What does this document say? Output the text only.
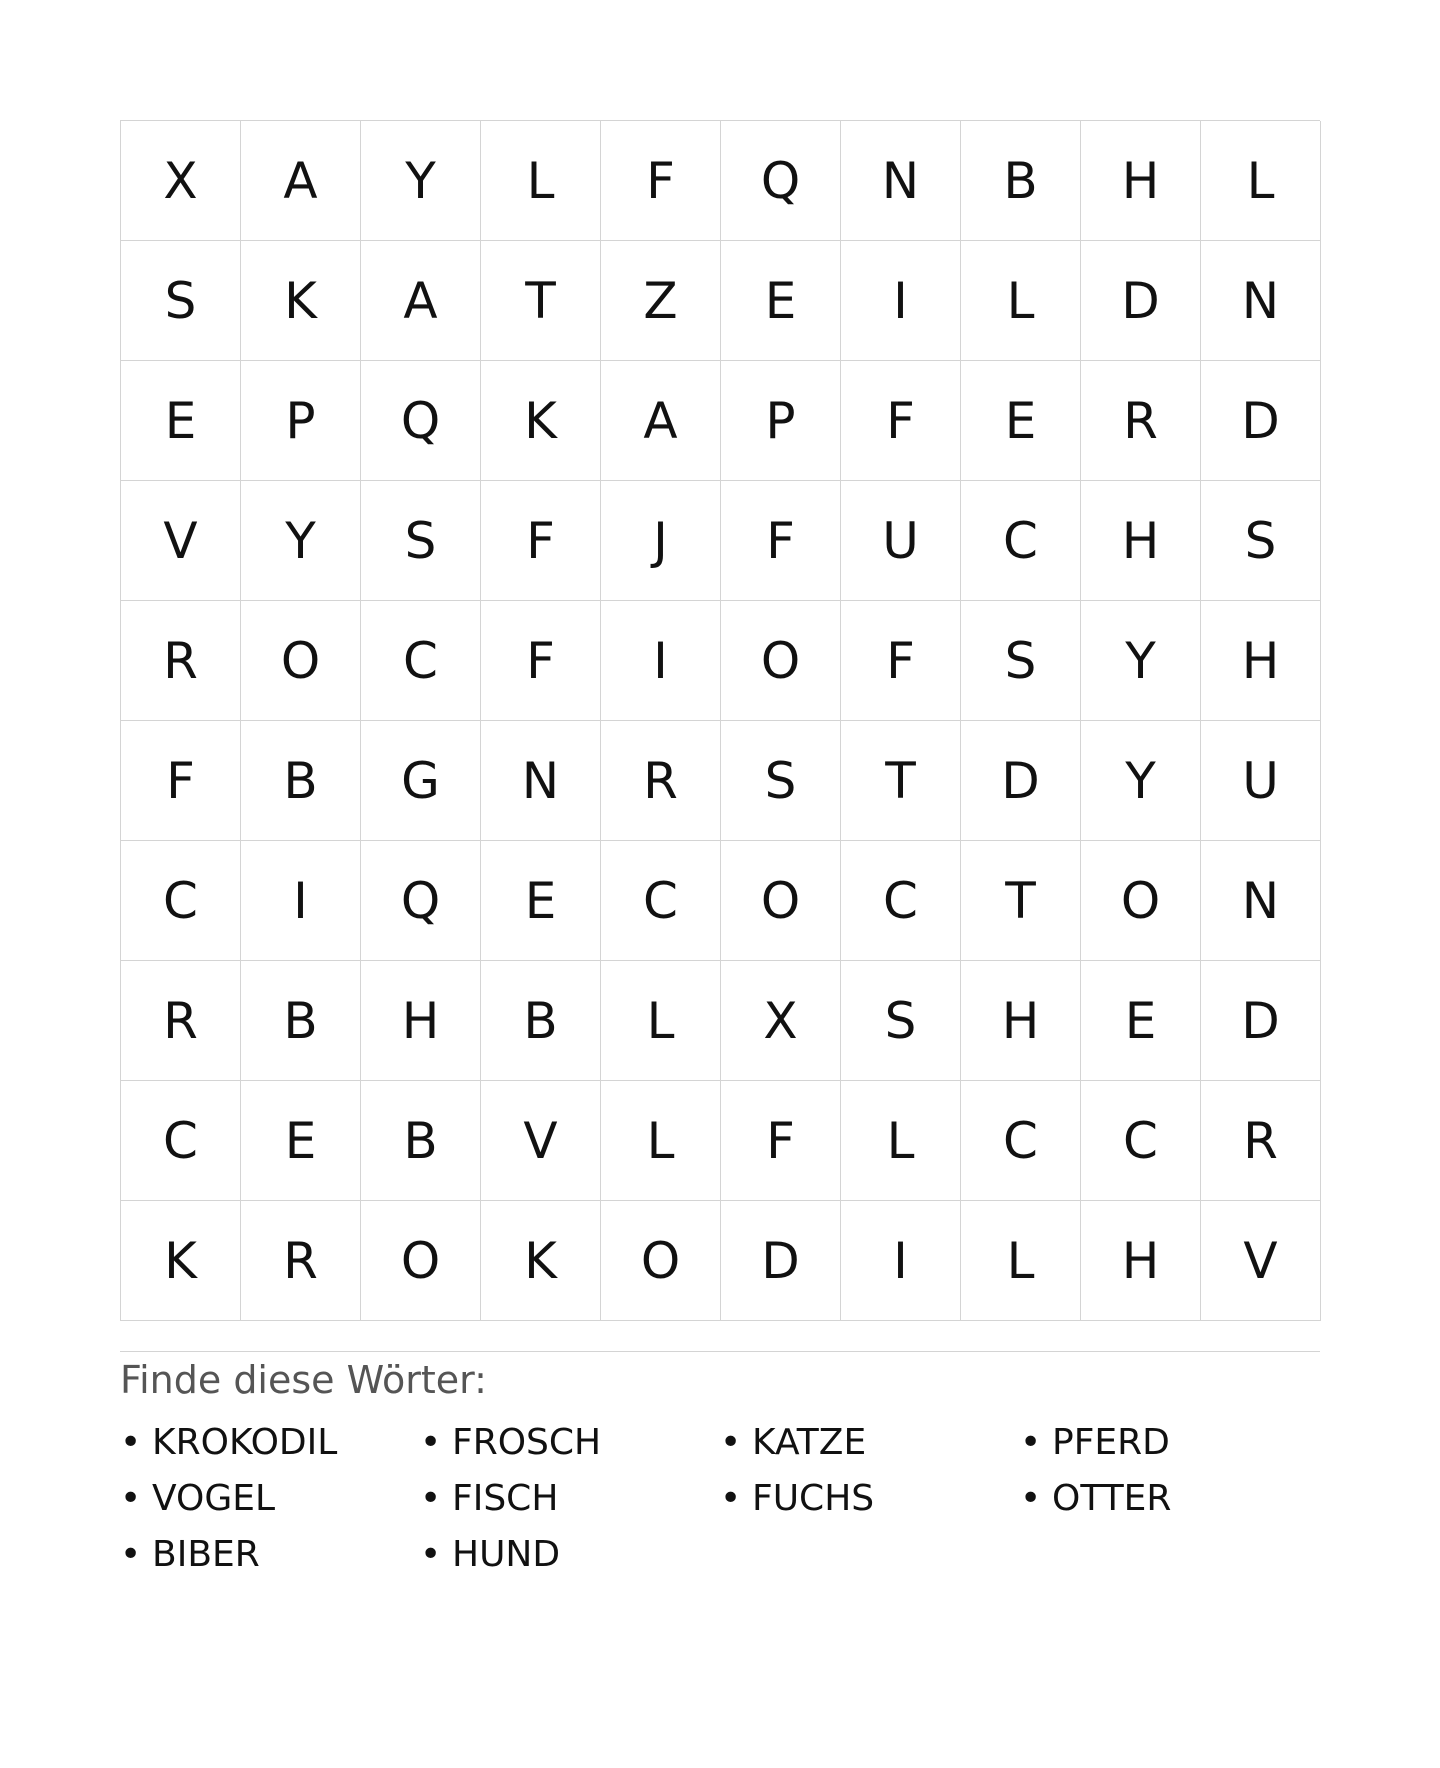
X	A	Y	L	F	Q	N	B	H	L
S	K	A	T	Z	E	I	L	D	N
E	P	Q	K	A	P	F	E	R	D
V	Y	S	F	J	F	U	C	H	S
R	O	C	F	I	O	F	S	Y	H
F	B	G	N	R	S	T	D	Y	U
C	I	Q	E	C	O	C	T	O	N
R	B	H	B	L	X	S	H	E	D
C	E	B	V	L	F	L	C	C	R
K	R	O	K	O	D	I	L	H	V
Finde diese Wörter:
• KROKODIL	• FROSCH	• KATZE	• PFERD
• VOGEL	• FISCH	• FUCHS	• OTTER
• BIBER	• HUND
